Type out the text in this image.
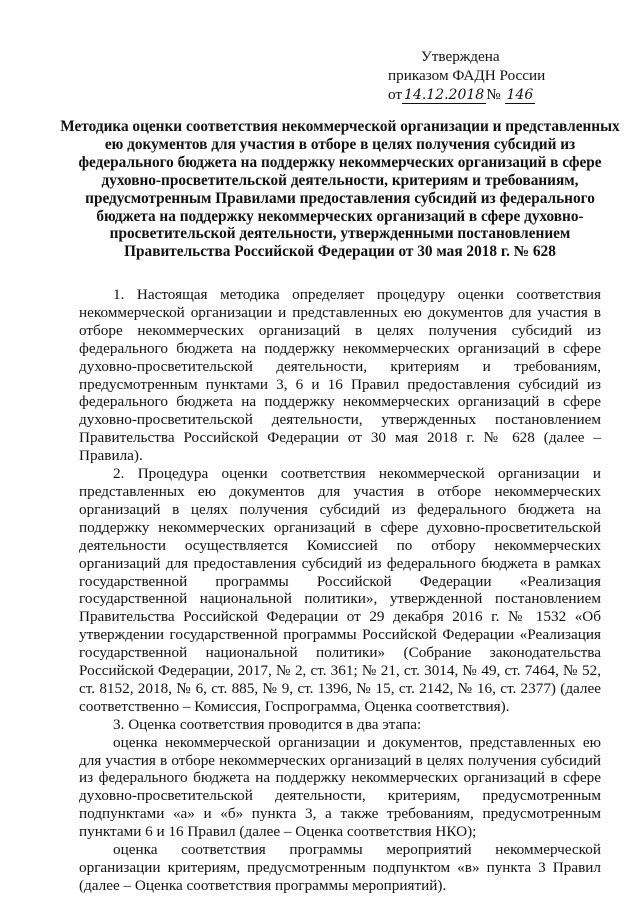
Утверждена
приказом ФАДН России
от 14.12.2018 № 146
Методика оценки соответствия некоммерческой организации и представленных ею документов для участия в отборе в целях получения субсидий из федерального бюджета на поддержку некоммерческих организаций в сфере духовно-просветительской деятельности, критериям и требованиям, предусмотренным Правилами предоставления субсидий из федерального бюджета на поддержку некоммерческих организаций в сфере духовно-просветительской деятельности, утвержденными постановлением Правительства Российской Федерации от 30 мая 2018 г. № 628

1. Настоящая методика определяет процедуру оценки соответствия некоммерческой организации и представленных ею документов для участия в отборе некоммерческих организаций в целях получения субсидий из федерального бюджета на поддержку некоммерческих организаций в сфере духовно-просветительской деятельности, критериям и требованиям, предусмотренным пунктами 3, 6 и 16 Правил предоставления субсидий из федерального бюджета на поддержку некоммерческих организаций в сфере духовно-просветительской деятельности, утвержденных постановлением Правительства Российской Федерации от 30 мая 2018 г. № 628 (далее – Правила).

2. Процедура оценки соответствия некоммерческой организации и представленных ею документов для участия в отборе некоммерческих организаций в целях получения субсидий из федерального бюджета на поддержку некоммерческих организаций в сфере духовно-просветительской деятельности осуществляется Комиссией по отбору некоммерческих организаций для предоставления субсидий из федерального бюджета в рамках государственной программы Российской Федерации «Реализация государственной национальной политики», утвержденной постановлением Правительства Российской Федерации от 29 декабря 2016 г. № 1532 «Об утверждении государственной программы Российской Федерации «Реализация государственной национальной политики» (Собрание законодательства Российской Федерации, 2017, № 2, ст. 361; № 21, ст. 3014, № 49, ст. 7464, № 52, ст. 8152, 2018, № 6, ст. 885, № 9, ст. 1396, № 15, ст. 2142, № 16, ст. 2377) (далее соответственно – Комиссия, Госпрограмма, Оценка соответствия).

3. Оценка соответствия проводится в два этапа:

оценка некоммерческой организации и документов, представленных ею для участия в отборе некоммерческих организаций в целях получения субсидий из федерального бюджета на поддержку некоммерческих организаций в сфере духовно-просветительской деятельности, критериям, предусмотренным подпунктами «а» и «б» пункта 3, а также требованиям, предусмотренным пунктами 6 и 16 Правил (далее – Оценка соответствия НКО);

оценка соответствия программы мероприятий некоммерческой организации критериям, предусмотренным подпунктом «в» пункта 3 Правил (далее – Оценка соответствия программы мероприятий).
